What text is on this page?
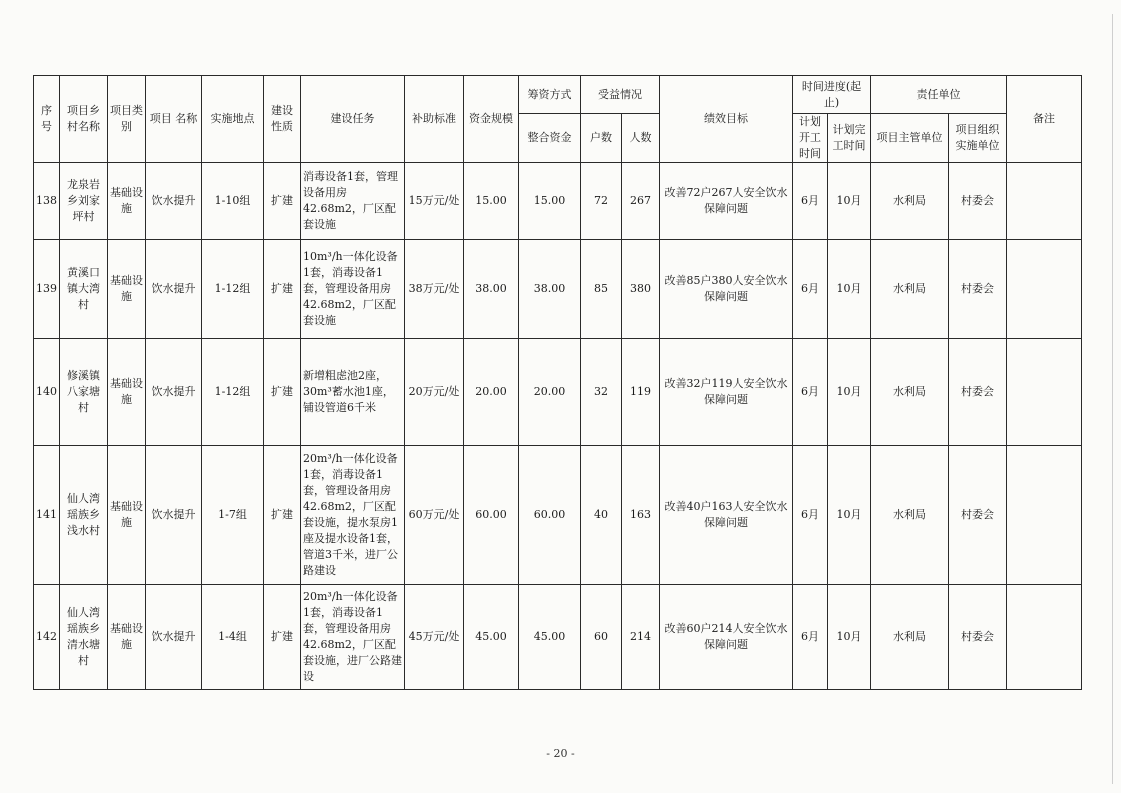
序号	项目乡村名称	项目类别	项目 名称	实施地点	建设性质	建设任务	补助标准	资金规模	筹资方式	受益情况		绩效目标	时间进度(起止)		责任单位		备注
									整合资金	户数	人数		计划开工时间	计划完工时间	项目主管单位	项目组织实施单位	
138	龙泉岩乡刘家坪村	基础设施	饮水提升	1-10组	扩建	消毒设备1套，管理设备用房42.68m2，厂区配套设施	15万元/处	15.00	15.00	72	267	改善72户267人安全饮水保障问题	6月	10月	水利局	村委会	
139	黄溪口镇大湾村	基础设施	饮水提升	1-12组	扩建	10m³/h一体化设备1套，消毒设备1套，管理设备用房42.68m2，厂区配套设施	38万元/处	38.00	38.00	85	380	改善85户380人安全饮水保障问题	6月	10月	水利局	村委会	
140	修溪镇八家塘村	基础设施	饮水提升	1-12组	扩建	新增粗虑池2座，30m³蓄水池1座，铺设管道6千米	20万元/处	20.00	20.00	32	119	改善32户119人安全饮水保障问题	6月	10月	水利局	村委会	
141	仙人湾瑶族乡浅水村	基础设施	饮水提升	1-7组	扩建	20m³/h一体化设备1套，消毒设备1套，管理设备用房42.68m2，厂区配套设施，提水泵房1座及提水设备1套，管道3千米，进厂公路建设	60万元/处	60.00	60.00	40	163	改善40户163人安全饮水保障问题	6月	10月	水利局	村委会	
142	仙人湾瑶族乡清水塘村	基础设施	饮水提升	1-4组	扩建	20m³/h一体化设备1套，消毒设备1套，管理设备用房42.68m2，厂区配套设施，进厂公路建设	45万元/处	45.00	45.00	60	214	改善60户214人安全饮水保障问题	6月	10月	水利局	村委会	
- 20 -
